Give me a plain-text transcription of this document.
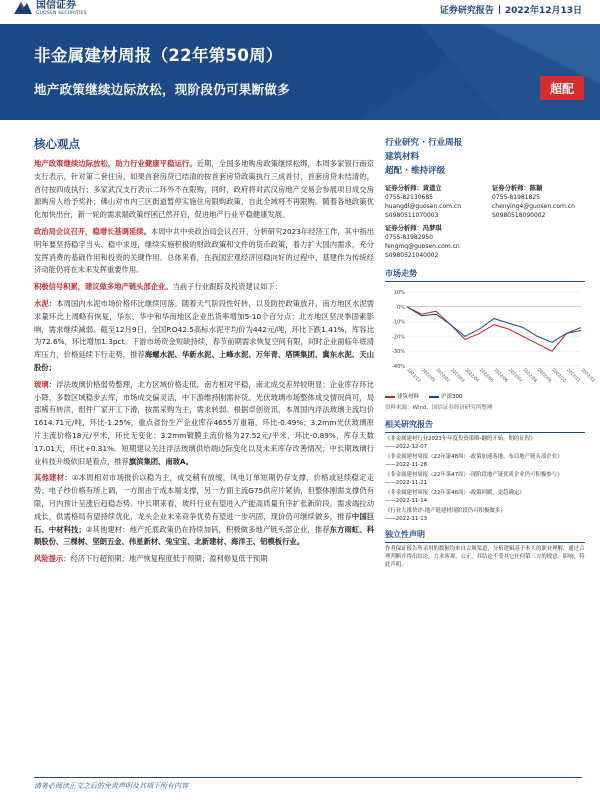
国信证券
GUOSEN SECURITIES	证券研究报告 2022年12月13日
非金属建材周报（22年第50周）
地产政策继续边际放松，现阶段仍可果断做多	超配
核心观点

地产政策继续边际放松，助力行业健康平稳运行。近期，全国多地购房政策继续松绑，本周多家银行南京支行表示，针对第二套住房，如果首套房贷已结清的按首套房贷政策执行三成首付，首套房贷未结清的，首付按四成执行；多家武汉支行表示二环外不在限购，同时，政府将对武汉房地产交易会参展项目成交房源购房人给予奖补；佛山对市内三区街道暂停实施住房限购政策，自此全域将不再限购。随着各地政策优化加快出台，新一轮的需求端政策纾困已然开启，促进地产行业平稳健康发展。

政治局会议召开，稳增长基调延续。本周中共中央政治局会议召开，分析研究2023年经济工作，其中指出明年要坚持稳字当头、稳中求进，继续实施积极的财政政策和文件的货币政策，着力扩大国内需求，充分发挥消费的基础作用和投资的关键作用。总体来看，在我国宏观经济回稳向好的过程中，基建作为传统经济动能仍将在未来发挥重要作用。

积极信号积累，建议做多地产链头部企业。当前子行业跟踪及投资建议如下：

水泥：本周国内水泥市场价格环比继续回落。随着天气阶段性好转，以及防控政策放开，南方地区水泥需求量环比上周略有恢复，华东、华中和华南地区企业出货率增加5-10个百分点；北方地区坚決季固素影响，需求继续减弱。截至12月9日，全国P.O42.5高标水泥平均价为442元/吨，环比下跌1.41%，库容比为72.6%，环比增加1.3pct。下游市场资金短缺持续，春节前期需求恢复空间有限，同时企业面临年底清库压力，价格延续下行走势，推荐海螺水泥、华新水泥、上峰水泥、万年青、塔牌集团、冀东水泥、天山股份；

玻璃：浮法玻璃价格弱势整理，北方区域价格走低，南方相对平稳，南北成交差异较明显；企业库存环比小降，多数区域稳步去库，市场成交偏灵活，中下游维持刚需补货。光伏玻璃市场整体成交情况尚可，局部稀有转洪，组件厂家开工下滑，按需采购为主，需求转弱。根据卓创资讯，本周国内浮法玻璃主流均价1614.71元/吨，环比-1.25%，重点省份生产企业库存4655万重箱，环比-0.49%；3.2mm光伏玻璃原片主流价格18元/平米，环比无变化；3.2mm镀膜主流价格为27.52元/平米，环比-0.89%，库存天数17.01天，环比+0.31%。短期建议关注浮法玻璃供给端边际变化以及未来库存改善情况；中长期玻璃行业科技升级依旧是看点，推荐旗滨集团、南玻A。

其他建材：①本周相对市场报价以稳为主，成交稍有放缓，风电订单短期仍存支撑，价格或延续稳定走势；电子纱价格有所上调，一方面由于成本端支撑，另一方面主流G75供应片紧俏，但整体刚需支撑仍有限，月内预计呈涨后趋稳态势。中长期来看，玻纤行业有望进入产能高质量有序扩张新阶段，需求端拉动成长，供需格局有望持续优化，龙头企业未来竞争优势有望进一步巩固，现价仍可继续做多，推荐中国巨石、中材科技；②其他建材：地产托底政策仍在持续加码，积极做多地产链头部企业，推荐东方雨虹、科顺股份、三棵树、坚朗五金、伟星新材、兔宝宝、北新建材、海洋王、铝模板行业。

风险提示：经济下行超预期；地产恢复程度低于预期；盈利修复低于预期

行业研究 · 行业周报
建筑材料
超配 · 维持评级
证券分析师：黄道立
0755-82130685
huangdl@guosen.com.cn
S0980511070003
证券分析师：陈颖
0755-81981825
chenying4@guosen.com.cn
S0980518090002
证券分析师：冯梦琪
0755-81982950
fengmq@guosen.com.cn
S0980521040002
市场走势
-40%
-30%
-20%
-10%
0%
10%
2021/12
2022/01
2022/02
2022/03
2022/04
2022/05
2022/06
2022/07
2022/08
2022/09
2022/10
2022/11
2022/12
建筑材料	沪深300
资料来源：Wind、国信证券经济研究所整理
相关研究报告
《非金属建材行业2023年年度投资策略-翻的开始，期的征程》
——2022-12-07
《非金属建材周报（22年第48周）-政策加速落地，布局地产链头部企业》
——2022-11-28
《非金属建材周报（22年第47周）-现阶段地产链优质企业仍可积极参与》
——2022-11-21
《非金属建材周报（22年第46周）-政策回暖，更趋确定》
——2022-11-14
《行业大涨快评-地产链建材现阶段仍可积极做多》
——2022-11-13
独立性声明
作者保证报告所采用的数据均来自合规渠道，分析逻辑基于本人的职业理解，通过合理判断并得出结论，力求客观、公正，其结论不受其它任何第三方的授意、影响，特此声明。
请务必阅读正文之后的免责声明及其项下所有内容
